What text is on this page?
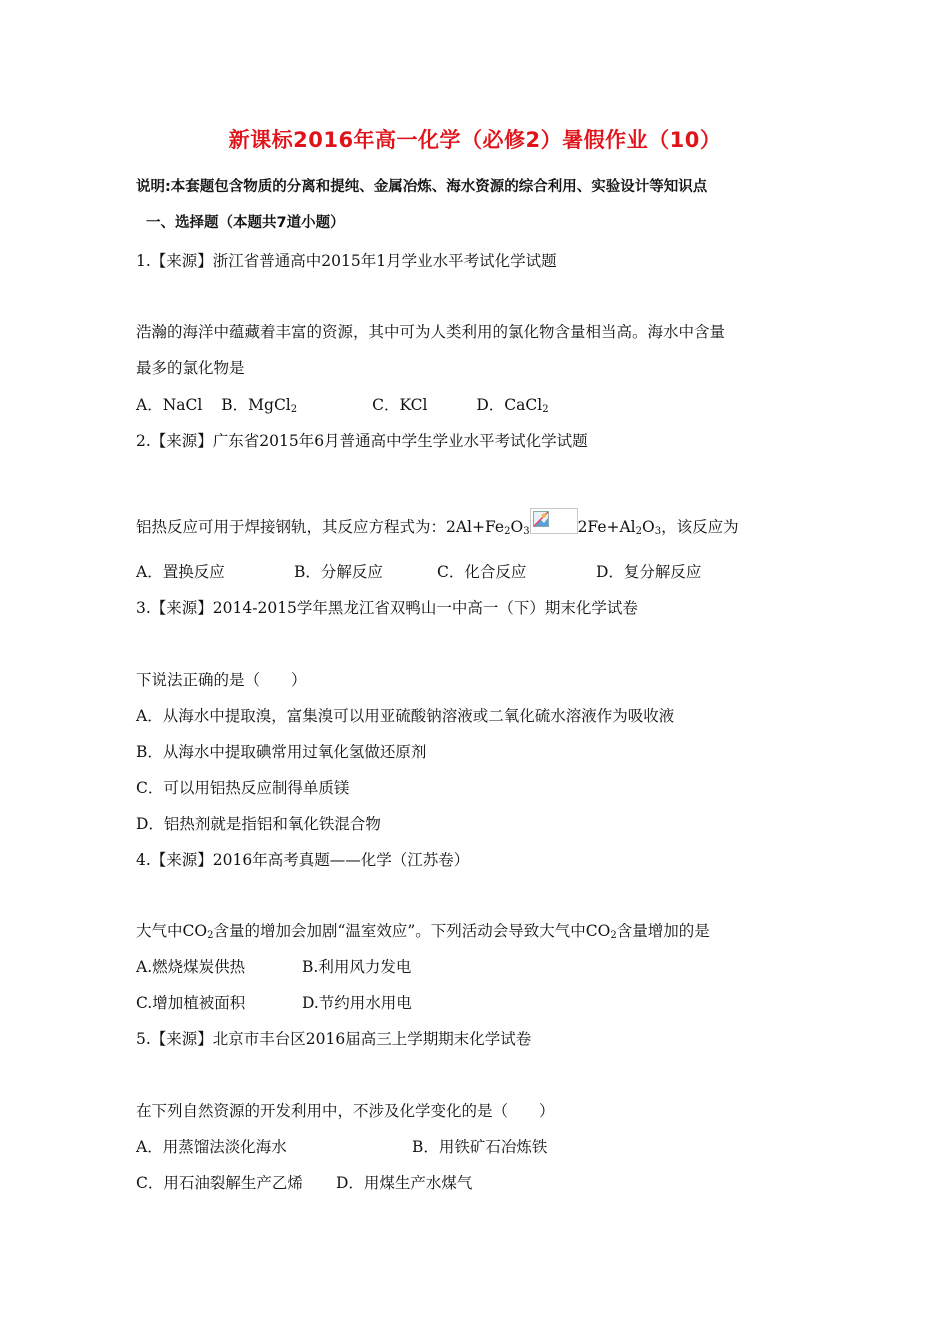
新课标2016年高一化学（必修2）暑假作业（10）
说明:本套题包含物质的分离和提纯、金属冶炼、海水资源的综合利用、实验设计等知识点
一、选择题（本题共7道小题）
1.【来源】浙江省普通高中2015年1月学业水平考试化学试题
浩瀚的海洋中蕴藏着丰富的资源，其中可为人类利用的氯化物含量相当高。海水中含量
最多的氯化物是
A．NaCl B．MgCl$_2$	C．KCl	D．CaCl$_2$
2.【来源】广东省2015年6月普通高中学生学业水平考试化学试题
铝热反应可用于焊接钢轨，其反应方程式为：$2Al+Fe_2O_3$	$2Fe+Al_2O_3$，该反应为
A．置换反应	B．分解反应	C．化合反应	D．复分解反应
3.【来源】2014-2015学年黑龙江省双鸭山一中高一（下）期末化学试卷
下说法正确的是（　　）
A．从海水中提取溴，富集溴可以用亚硫酸钠溶液或二氧化硫水溶液作为吸收液
B．从海水中提取碘常用过氧化氢做还原剂
C．可以用铝热反应制得单质镁
D．铝热剂就是指铝和氧化铁混合物
4.【来源】2016年高考真题——化学（江苏卷）
大气中$CO_2$含量的增加会加剧“温室效应”。下列活动会导致大气中$CO_2$含量增加的是
A.燃烧煤炭供热	B.利用风力发电
C.增加植被面积	D.节约用水用电
5.【来源】北京市丰台区2016届高三上学期期末化学试卷
在下列自然资源的开发利用中，不涉及化学变化的是（　　）
A．用蒸馏法淡化海水	B．用铁矿石冶炼铁
C．用石油裂解生产乙烯 D．用煤生产水煤气
